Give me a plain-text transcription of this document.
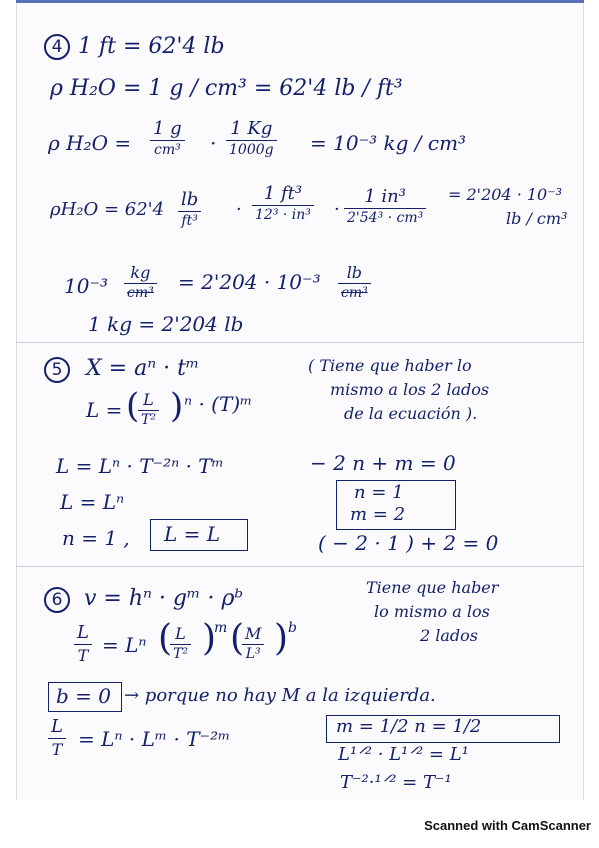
4 1 ft = 62'4 lb
ρ H₂O = 1 g / cm³ = 62'4 lb / ft³
ρ H₂O =
1 g
cm³ ·
1 Kg
1000g = 10⁻³ kg / cm³
ρH₂O = 62'4 lb
ft³
·
1 ft³
12³ · in³ ·
1 in³
2'54³ · cm³
= 2'204 · 10⁻³
lb / cm³
10⁻³
kg
cm³ = 2'204 · 10⁻³ lb
cm³
1 kg = 2'204 lb
5	X = aⁿ · tᵐ
L = ( L
T² ) ⁿ · (T)ᵐ
( Tiene que haber lo
mismo a los 2 lados
de la ecuación ).
L = Lⁿ · T⁻²ⁿ · Tᵐ
L = Lⁿ
n = 1 , L = L
− 2 n + m = 0
n = 1
m = 2
( − 2 · 1 ) + 2 = 0
6 v = hⁿ · gᵐ · ρᵇ	Tiene que haber
lo mismo a los
2 lados
L
T = Lⁿ ( L
T² )
m ( M
L³ ) b
b = 0 → porque no hay M a la izquierda.
L
T = Lⁿ · Lᵐ · T⁻²ᵐ
m = 1/2 n = 1/2
L¹ᐟ² · L¹ᐟ² = L¹
T⁻²·¹ᐟ² = T⁻¹
Scanned with CamScanner
